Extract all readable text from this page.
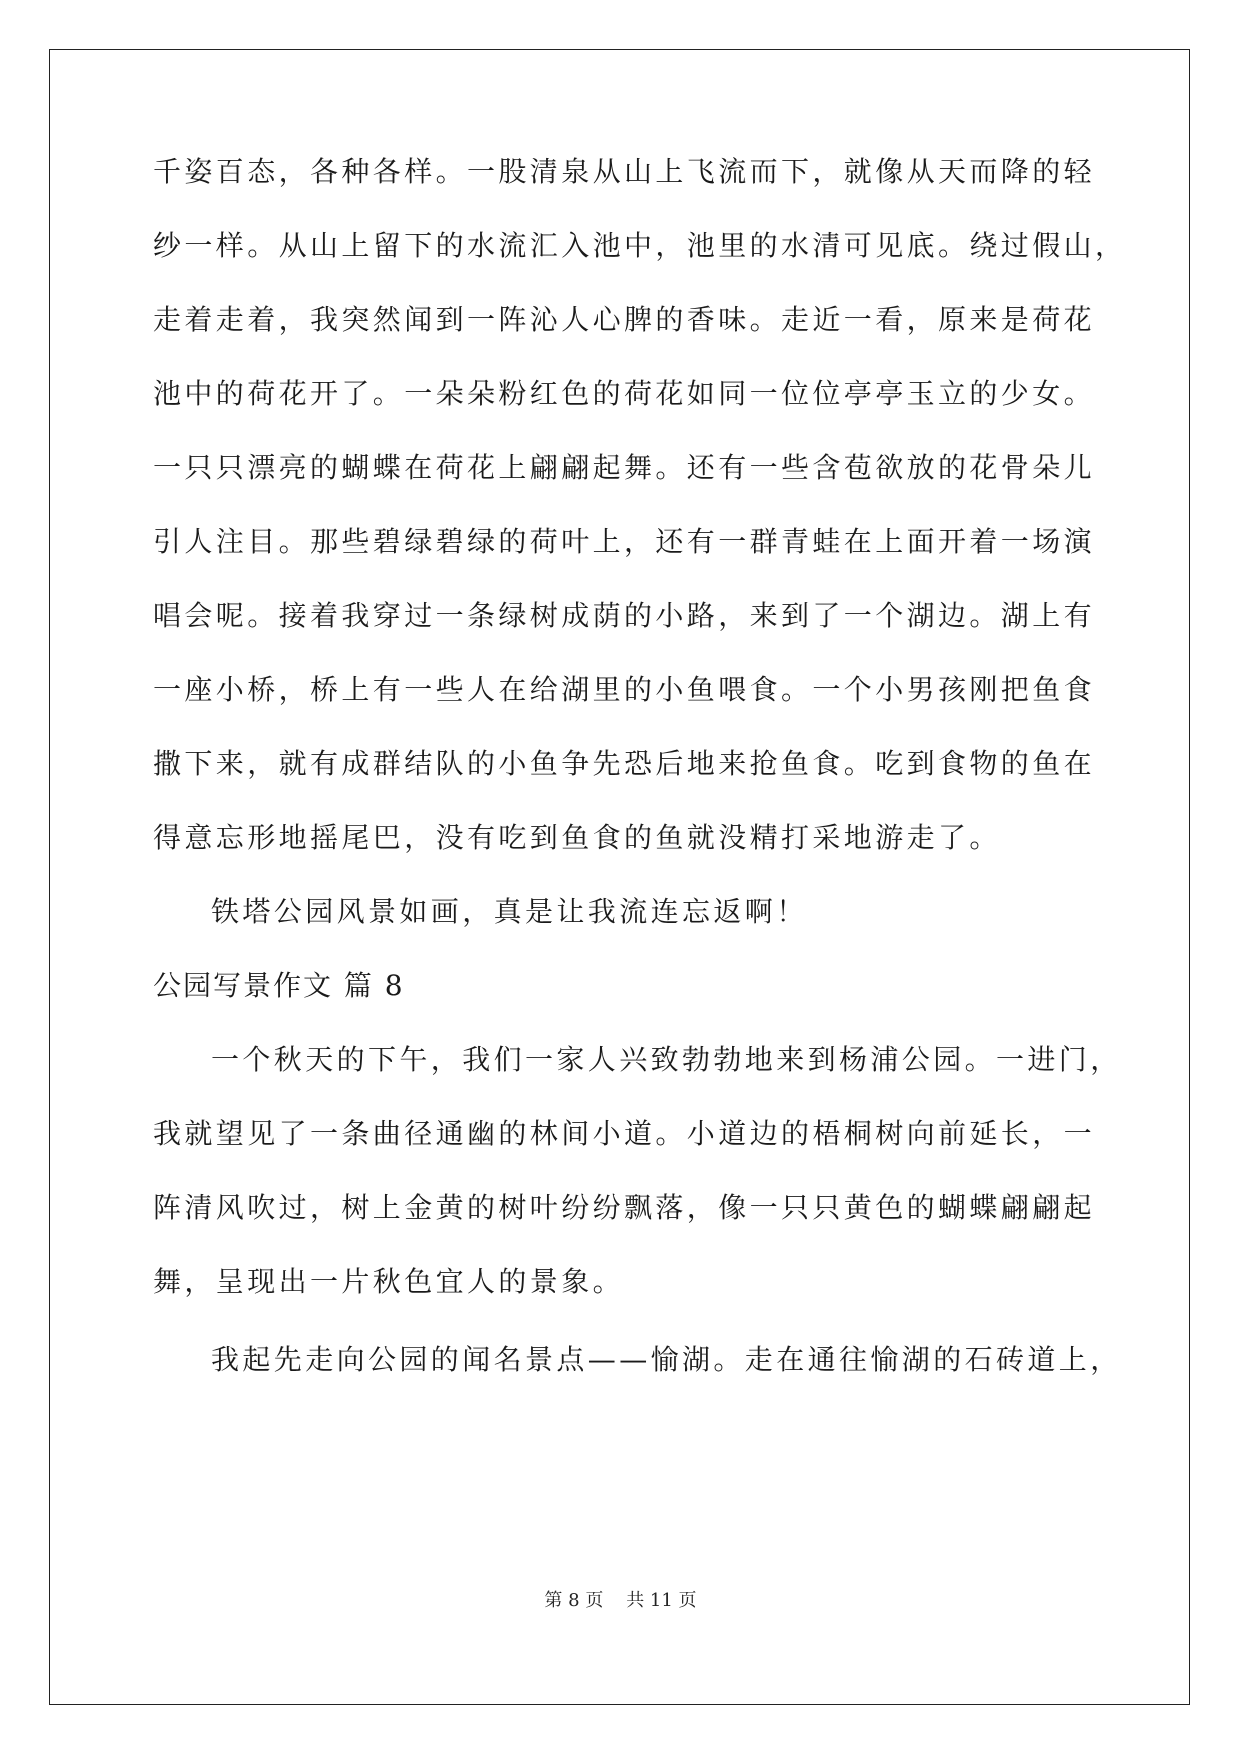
千姿百态，各种各样。一股清泉从山上飞流而下，就像从天而降的轻
纱一样。从山上留下的水流汇入池中，池里的水清可见底。绕过假山，
走着走着，我突然闻到一阵沁人心脾的香味。走近一看，原来是荷花
池中的荷花开了。一朵朵粉红色的荷花如同一位位亭亭玉立的少女。
一只只漂亮的蝴蝶在荷花上翩翩起舞。还有一些含苞欲放的花骨朵儿
引人注目。那些碧绿碧绿的荷叶上，还有一群青蛙在上面开着一场演
唱会呢。接着我穿过一条绿树成荫的小路，来到了一个湖边。湖上有
一座小桥，桥上有一些人在给湖里的小鱼喂食。一个小男孩刚把鱼食
撒下来，就有成群结队的小鱼争先恐后地来抢鱼食。吃到食物的鱼在
得意忘形地摇尾巴，没有吃到鱼食的鱼就没精打采地游走了。
铁塔公园风景如画，真是让我流连忘返啊！
公园写景作文 篇 8
一个秋天的下午，我们一家人兴致勃勃地来到杨浦公园。一进门，
我就望见了一条曲径通幽的林间小道。小道边的梧桐树向前延长，一
阵清风吹过，树上金黄的树叶纷纷飘落，像一只只黄色的蝴蝶翩翩起
舞，呈现出一片秋色宜人的景象。
我起先走向公园的闻名景点——愉湖。走在通往愉湖的石砖道上，
第 8 页    共 11 页
